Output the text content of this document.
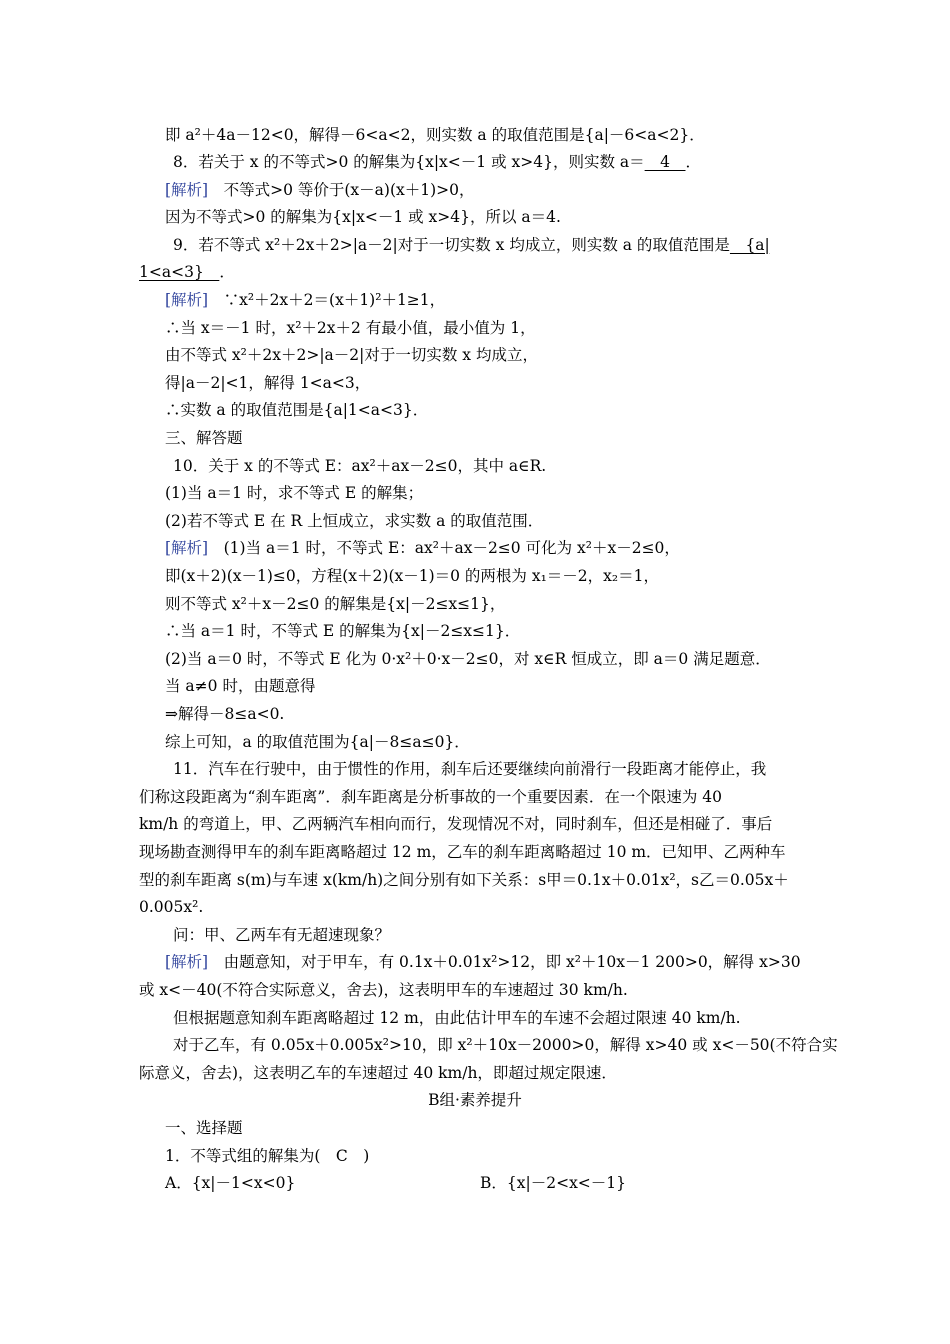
即 a²＋4a－12<0，解得－6<a<2，则实数 a 的取值范围是{a|－6<a<2}．
8．若关于 x 的不等式>0 的解集为{x|x<－1 或 x>4}，则实数 a＝　4　．
[解析]　不等式>0 等价于(x－a)(x＋1)>0，
因为不等式>0 的解集为{x|x<－1 或 x>4}，所以 a＝4.
9．若不等式 x²＋2x＋2>|a－2|对于一切实数 x 均成立，则实数 a 的取值范围是　{a|
1<a<3}　．
[解析]　∵x²＋2x＋2＝(x＋1)²＋1≥1，
∴当 x＝－1 时，x²＋2x＋2 有最小值，最小值为 1，
由不等式 x²＋2x＋2>|a－2|对于一切实数 x 均成立，
得|a－2|<1，解得 1<a<3，
∴实数 a 的取值范围是{a|1<a<3}．
三、解答题
10．关于 x 的不等式 E：ax²＋ax－2≤0，其中 a∈R.
(1)当 a＝1 时，求不等式 E 的解集；
(2)若不等式 E 在 R 上恒成立，求实数 a 的取值范围．
[解析]　(1)当 a＝1 时，不等式 E：ax²＋ax－2≤0 可化为 x²＋x－2≤0，
即(x＋2)(x－1)≤0，方程(x＋2)(x－1)＝0 的两根为 x₁＝－2，x₂＝1，
则不等式 x²＋x－2≤0 的解集是{x|－2≤x≤1}，
∴当 a＝1 时，不等式 E 的解集为{x|－2≤x≤1}．
(2)当 a＝0 时，不等式 E 化为 0·x²＋0·x－2≤0，对 x∈R 恒成立，即 a＝0 满足题意．
当 a≠0 时，由题意得
⇒解得－8≤a<0.
综上可知，a 的取值范围为{a|－8≤a≤0}．
11．汽车在行驶中，由于惯性的作用，刹车后还要继续向前滑行一段距离才能停止，我
们称这段距离为“刹车距离”．刹车距离是分析事故的一个重要因素．在一个限速为 40
km/h 的弯道上，甲、乙两辆汽车相向而行，发现情况不对，同时刹车，但还是相碰了．事后
现场勘查测得甲车的刹车距离略超过 12 m，乙车的刹车距离略超过 10 m．已知甲、乙两种车
型的刹车距离 s(m)与车速 x(km/h)之间分别有如下关系：s甲＝0.1x＋0.01x²，s乙＝0.05x＋
0.005x².
问：甲、乙两车有无超速现象？
[解析]　由题意知，对于甲车，有 0.1x＋0.01x²>12，即 x²＋10x－1 200>0，解得 x>30
或 x<－40(不符合实际意义，舍去)，这表明甲车的车速超过 30 km/h.
但根据题意知刹车距离略超过 12 m，由此估计甲车的车速不会超过限速 40 km/h.
对于乙车，有 0.05x＋0.005x²>10，即 x²＋10x－2000>0，解得 x>40 或 x<－50(不符合实
际意义，舍去)，这表明乙车的车速超过 40 km/h，即超过规定限速．
B组·素养提升
一、选择题
1．不等式组的解集为(　C　)
A．{x|－1<x<0}	B．{x|－2<x<－1}
